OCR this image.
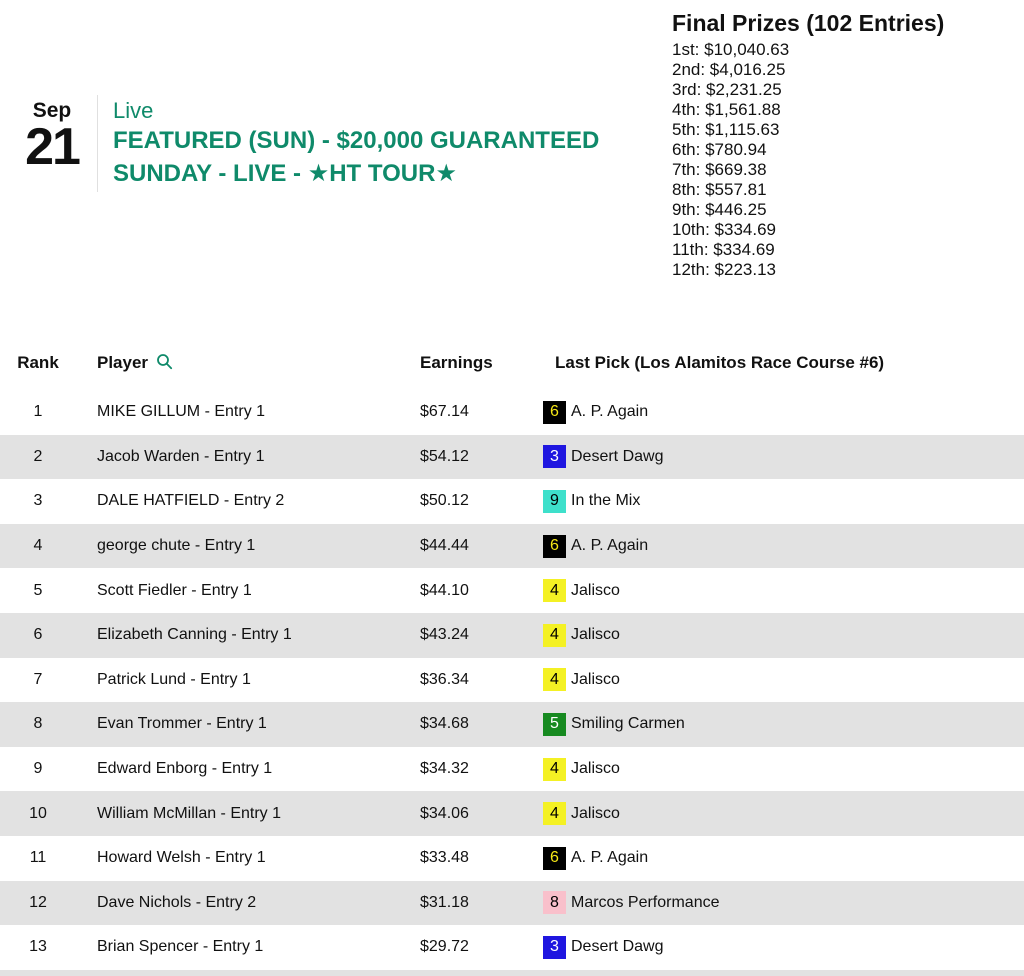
Sep
21
Live
FEATURED (SUN) - $20,000 GUARANTEED
SUNDAY - LIVE - ★HT TOUR★
Final Prizes (102 Entries)
1st: $10,040.63
2nd: $4,016.25
3rd: $2,231.25
4th: $1,561.88
5th: $1,115.63
6th: $780.94
7th: $669.38
8th: $557.81
9th: $446.25
10th: $334.69
11th: $334.69
12th: $223.13
Rank Player	Earnings	Last Pick (Los Alamitos Race Course #6)
1	MIKE GILLUM - Entry 1	$67.14	6 A. P. Again
2	Jacob Warden - Entry 1	$54.12	3 Desert Dawg
3	DALE HATFIELD - Entry 2	$50.12	9 In the Mix
4	george chute - Entry 1	$44.44	6 A. P. Again
5	Scott Fiedler - Entry 1	$44.10	4 Jalisco
6	Elizabeth Canning - Entry 1	$43.24	4 Jalisco
7	Patrick Lund - Entry 1	$36.34	4 Jalisco
8	Evan Trommer - Entry 1	$34.68	5 Smiling Carmen
9	Edward Enborg - Entry 1	$34.32	4 Jalisco
10	William McMillan - Entry 1	$34.06	4 Jalisco
11	Howard Welsh - Entry 1	$33.48	6 A. P. Again
12	Dave Nichols - Entry 2	$31.18	8 Marcos Performance
13	Brian Spencer - Entry 1	$29.72	3 Desert Dawg
